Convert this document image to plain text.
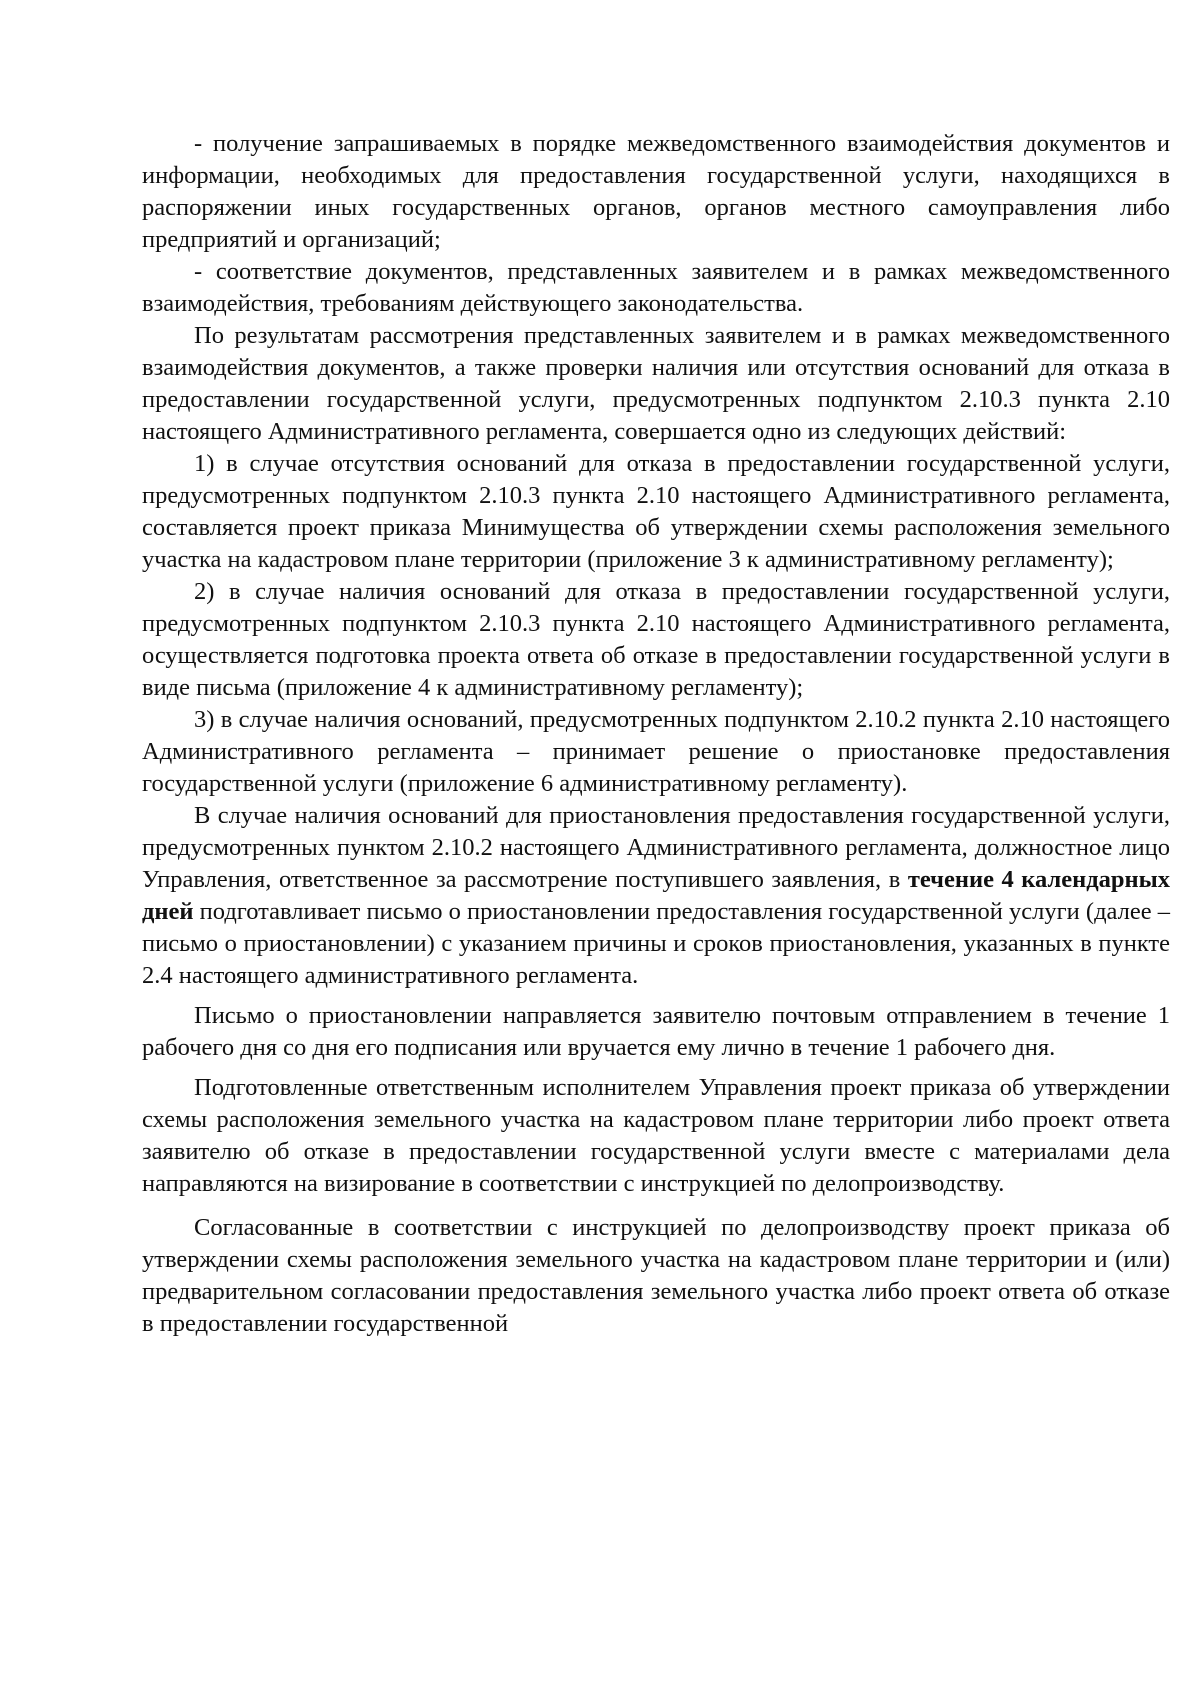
- получение запрашиваемых в порядке межведомственного взаимодействия документов и информации, необходимых для предоставления государственной услуги, находящихся в распоряжении иных государственных органов, органов местного самоуправления либо предприятий и организаций;

- соответствие документов, представленных заявителем и в рамках межведомственного взаимодействия, требованиям действующего законодательства.

По результатам рассмотрения представленных заявителем и в рамках межведомственного взаимодействия документов, а также проверки наличия или отсутствия оснований для отказа в предоставлении государственной услуги, предусмотренных подпунктом 2.10.3 пункта 2.10 настоящего Административного регламента, совершается одно из следующих действий:

1) в случае отсутствия оснований для отказа в предоставлении государственной услуги, предусмотренных подпунктом 2.10.3 пункта 2.10 настоящего Административного регламента, составляется проект приказа Минимущества об утверждении схемы расположения земельного участка на кадастровом плане территории (приложение 3 к административному регламенту);

2) в случае наличия оснований для отказа в предоставлении государственной услуги, предусмотренных подпунктом 2.10.3 пункта 2.10 настоящего Административного регламента, осуществляется подготовка проекта ответа об отказе в предоставлении государственной услуги в виде письма (приложение 4 к административному регламенту);

3) в случае наличия оснований, предусмотренных подпунктом 2.10.2 пункта 2.10 настоящего Административного регламента – принимает решение о приостановке предоставления государственной услуги (приложение 6 административному регламенту).

В случае наличия оснований для приостановления предоставления государственной услуги, предусмотренных пунктом 2.10.2 настоящего Административного регламента, должностное лицо Управления, ответственное за рассмотрение поступившего заявления, в течение 4 календарных дней подготавливает письмо о приостановлении предоставления государственной услуги (далее – письмо о приостановлении) с указанием причины и сроков приостановления, указанных в пункте 2.4 настоящего административного регламента.

Письмо о приостановлении направляется заявителю почтовым отправлением в течение 1 рабочего дня со дня его подписания или вручается ему лично в течение 1 рабочего дня.

Подготовленные ответственным исполнителем Управления проект приказа об утверждении схемы расположения земельного участка на кадастровом плане территории либо проект ответа заявителю об отказе в предоставлении государственной услуги вместе с материалами дела направляются на визирование в соответствии с инструкцией по делопроизводству.

Согласованные в соответствии с инструкцией по делопроизводству проект приказа об утверждении схемы расположения земельного участка на кадастровом плане территории и (или) предварительном согласовании предоставления земельного участка либо проект ответа об отказе в предоставлении государственной
